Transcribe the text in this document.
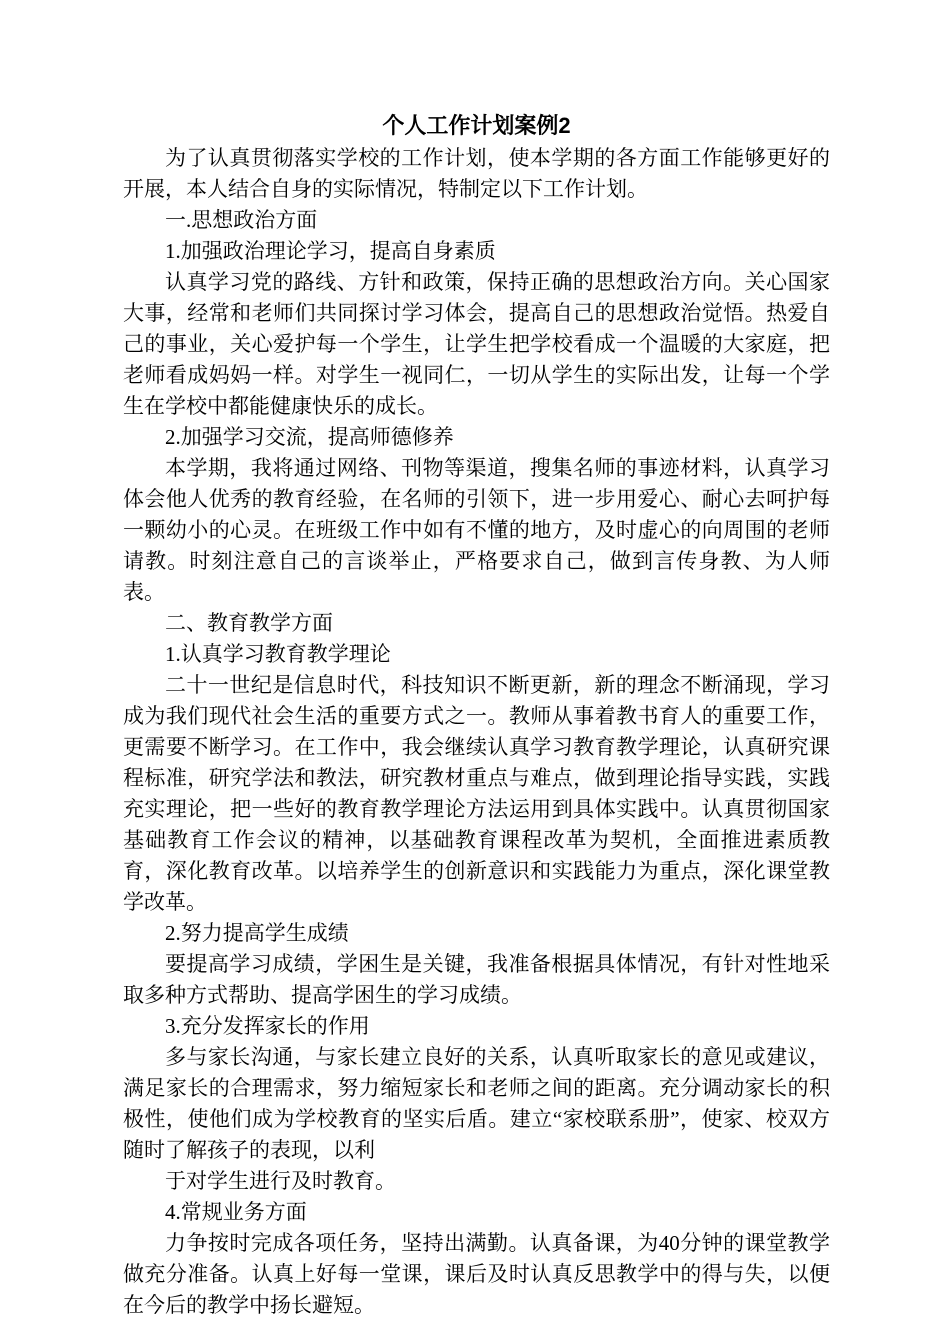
个人工作计划案例2

为了认真贯彻落实学校的工作计划，使本学期的各方面工作能够更好的开展，本人结合自身的实际情况，特制定以下工作计划。

一.思想政治方面

1.加强政治理论学习，提高自身素质

认真学习党的路线、方针和政策，保持正确的思想政治方向。关心国家大事，经常和老师们共同探讨学习体会，提高自己的思想政治觉悟。热爱自己的事业，关心爱护每一个学生，让学生把学校看成一个温暖的大家庭，把老师看成妈妈一样。对学生一视同仁，一切从学生的实际出发，让每一个学生在学校中都能健康快乐的成长。

2.加强学习交流，提高师德修养

本学期，我将通过网络、刊物等渠道，搜集名师的事迹材料，认真学习体会他人优秀的教育经验，在名师的引领下，进一步用爱心、耐心去呵护每一颗幼小的心灵。在班级工作中如有不懂的地方，及时虚心的向周围的老师请教。时刻注意自己的言谈举止，严格要求自己，做到言传身教、为人师表。

二、教育教学方面

1.认真学习教育教学理论

二十一世纪是信息时代，科技知识不断更新，新的理念不断涌现，学习成为我们现代社会生活的重要方式之一。教师从事着教书育人的重要工作，更需要不断学习。在工作中，我会继续认真学习教育教学理论，认真研究课程标准，研究学法和教法，研究教材重点与难点，做到理论指导实践，实践充实理论，把一些好的教育教学理论方法运用到具体实践中。认真贯彻国家基础教育工作会议的精神，以基础教育课程改革为契机，全面推进素质教育，深化教育改革。以培养学生的创新意识和实践能力为重点，深化课堂教学改革。

2.努力提高学生成绩

要提高学习成绩，学困生是关键，我准备根据具体情况，有针对性地采取多种方式帮助、提高学困生的学习成绩。

3.充分发挥家长的作用

多与家长沟通，与家长建立良好的关系，认真听取家长的意见或建议，满足家长的合理需求，努力缩短家长和老师之间的距离。充分调动家长的积极性，使他们成为学校教育的坚实后盾。建立“家校联系册”，使家、校双方随时了解孩子的表现，以利

于对学生进行及时教育。

4.常规业务方面

力争按时完成各项任务，坚持出满勤。认真备课，为40分钟的课堂教学做充分准备。认真上好每一堂课，课后及时认真反思教学中的得与失，以便在今后的教学中扬长避短。
